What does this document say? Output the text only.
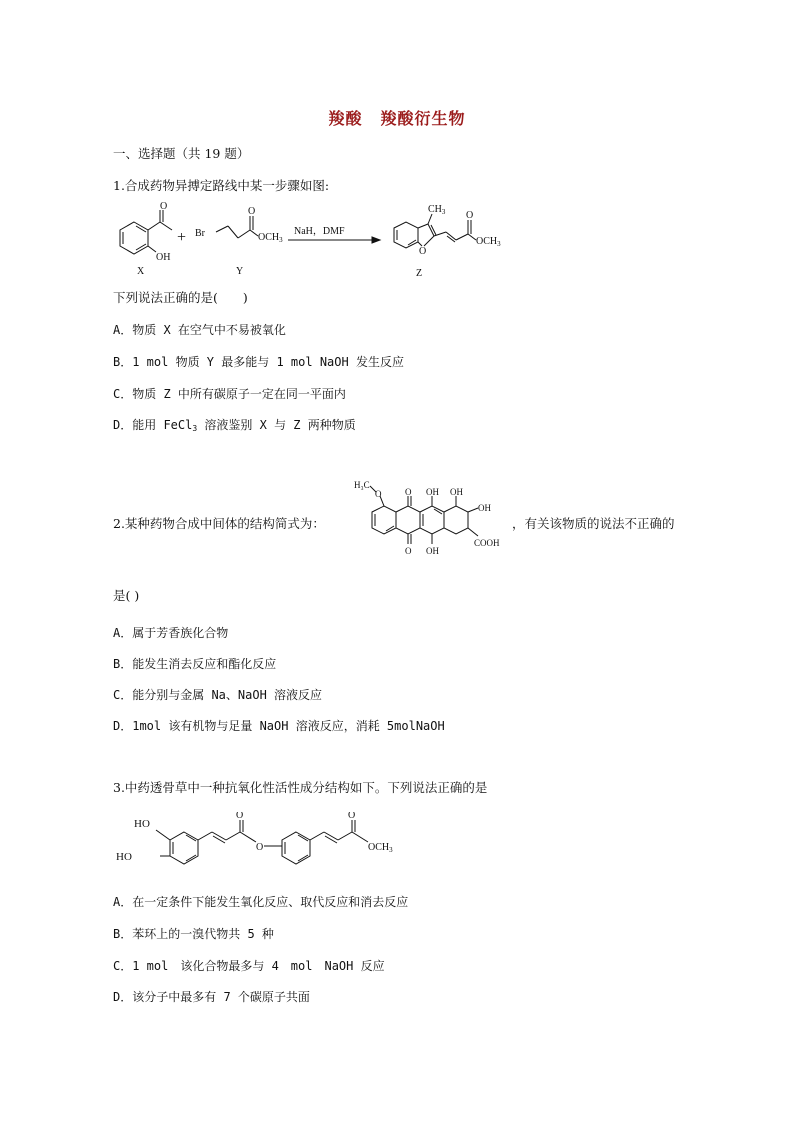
羧酸 羧酸衍生物
一、选择题（共 19 题）
1.合成药物异搏定路线中某一步骤如图:
O
OH
X
+ Br
O
$OCH_3$
Y
NaH，DMF
O
$CH_3$ O
$OCH_3$
Z
下列说法正确的是(　　)
A．物质 X 在空气中不易被氧化
B．1 mol 物质 Y 最多能与 1 mol NaOH 发生反应
C．物质 Z 中所有碳原子一定在同一平面内
D．能用 FeCl$_3$ 溶液鉴别 X 与 Z 两种物质
2.某种药物合成中间体的结构简式为：
H₃C
O	O
O
OH
OH
OH
OH
COOH
，有关该物质的说法不正确的
是( )
A．属于芳香族化合物
B．能发生消去反应和酯化反应
C．能分别与金属 Na、NaOH 溶液反应
D．1mol 该有机物与足量 NaOH 溶液反应，消耗 5molNaOH
3.中药透骨草中一种抗氧化性活性成分结构如下。下列说法正确的是
HO
HO
O
O
O
$OCH_3$
A．在一定条件下能发生氧化反应、取代反应和消去反应
B．苯环上的一溴代物共 5 种
C．1 mol　该化合物最多与 4　mol　NaOH 反应
D．该分子中最多有 7 个碳原子共面
